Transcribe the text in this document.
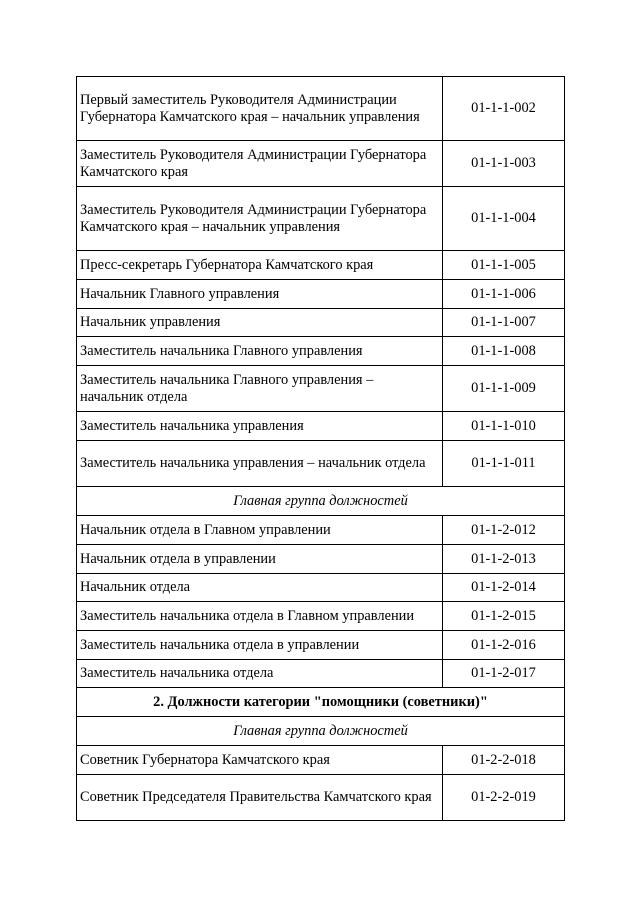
Первый заместитель Руководителя Администрации Губернатора Камчатского края – начальник управления	01-1-1-002
Заместитель Руководителя Администрации Губернатора Камчатского края	01-1-1-003
Заместитель Руководителя Администрации Губернатора Камчатского края – начальник управления	01-1-1-004
Пресс-секретарь Губернатора Камчатского края	01-1-1-005
Начальник Главного управления	01-1-1-006
Начальник управления	01-1-1-007
Заместитель начальника Главного управления	01-1-1-008
Заместитель начальника Главного управления – начальник отдела	01-1-1-009
Заместитель начальника управления	01-1-1-010
Заместитель начальника управления – начальник отдела	01-1-1-011
Главная группа должностей	
Начальник отдела в Главном управлении	01-1-2-012
Начальник отдела в управлении	01-1-2-013
Начальник отдела	01-1-2-014
Заместитель начальника отдела в Главном управлении	01-1-2-015
Заместитель начальника отдела в управлении	01-1-2-016
Заместитель начальника отдела	01-1-2-017
2. Должности категории "помощники (советники)"	
Главная группа должностей	
Советник Губернатора Камчатского края	01-2-2-018
Советник Председателя Правительства Камчатского края	01-2-2-019
